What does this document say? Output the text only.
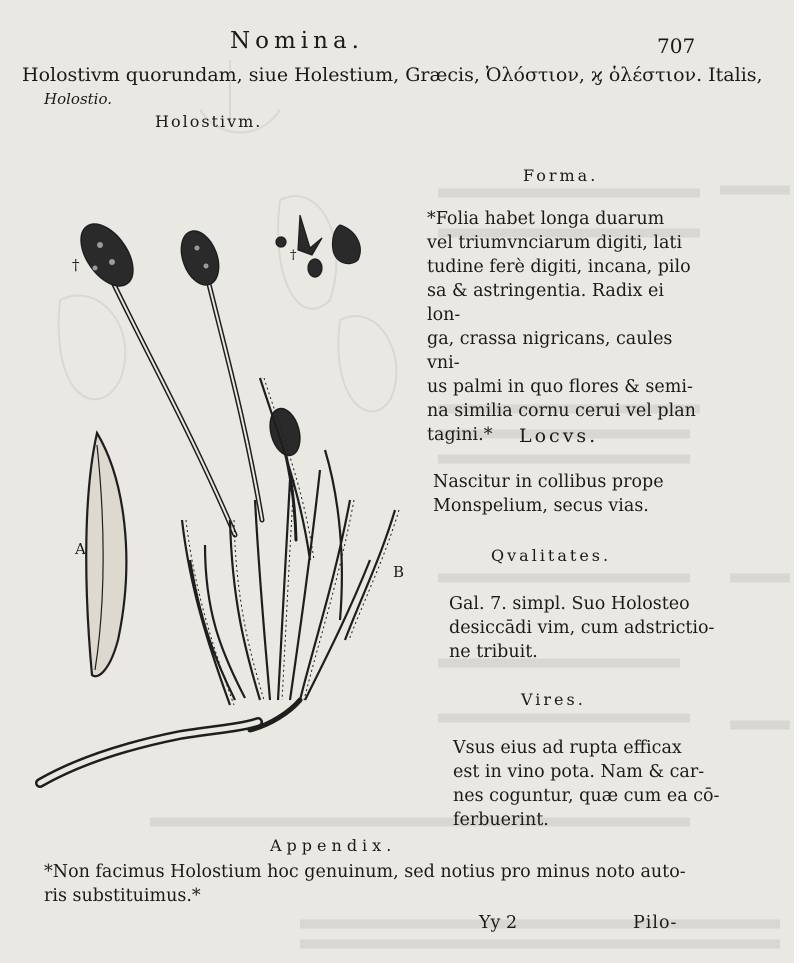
Nomina.	707
Holostivm quorundam, siue Holestium, Græcis, Ὀλόστιον, ϗ ὁλέστιον. Italis,
Holostio.
Holostivm.
†
†
A
B
Forma.
*Folia habet longa duarum
vel triumvnciarum digiti, lati
tudine ferè digiti, incana, pilo
sa & astringentia. Radix ei lon-
ga, crassa nigricans, caules vni-
us palmi in quo flores & semi-
na similia cornu cerui vel plan
tagini.*	Locvs.
Nascitur in collibus prope
Monspelium, secus vias.
Qvalitates.
Gal. 7. simpl. Suo Holosteo
desiccādi vim, cum adstrictio-
ne tribuit.
Vires.
Vsus eius ad rupta efficax
est in vino pota. Nam & car-
nes coguntur, quæ cum ea cō-
ferbuerint.
Appendix.
*Non facimus Holostium hoc genuinum, sed notius pro minus noto auto-
ris substituimus.*
Yy 2	Pilo-
